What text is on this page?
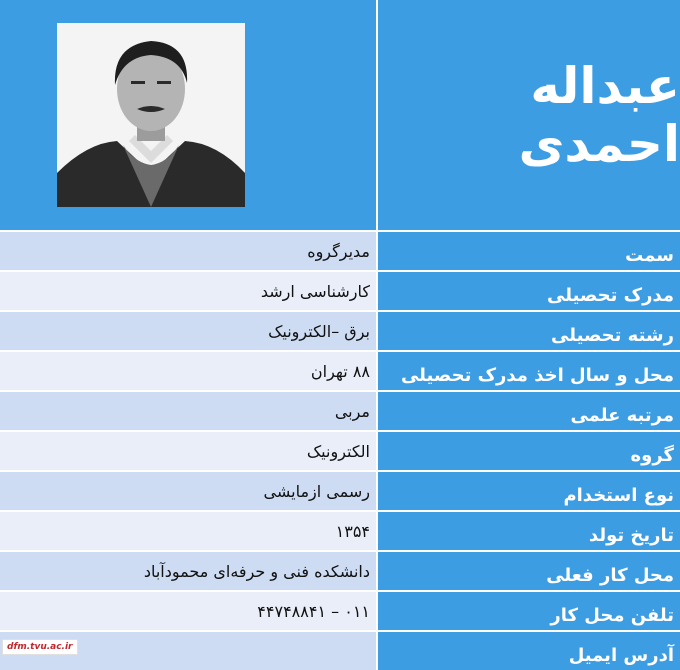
عبداله احمدی
مدیرگروه	سمت
کارشناسی ارشد	مدرک تحصیلی
برق –الکترونیک	رشته تحصیلی
۸۸ تهران	محل و سال اخذ مدرک تحصیلی
مربی	مرتبه علمی
الکترونیک	گروه
رسمی ازمایشی	نوع استخدام
۱۳۵۴	تاریخ تولد
دانشکده فنی و حرفه‌ای محمودآباد	محل کار فعلی
۰۱۱ – ۴۴۷۴۸۸۴۱	تلفن محل کار
آدرس ایمیل
dfm.tvu.ac.ir
